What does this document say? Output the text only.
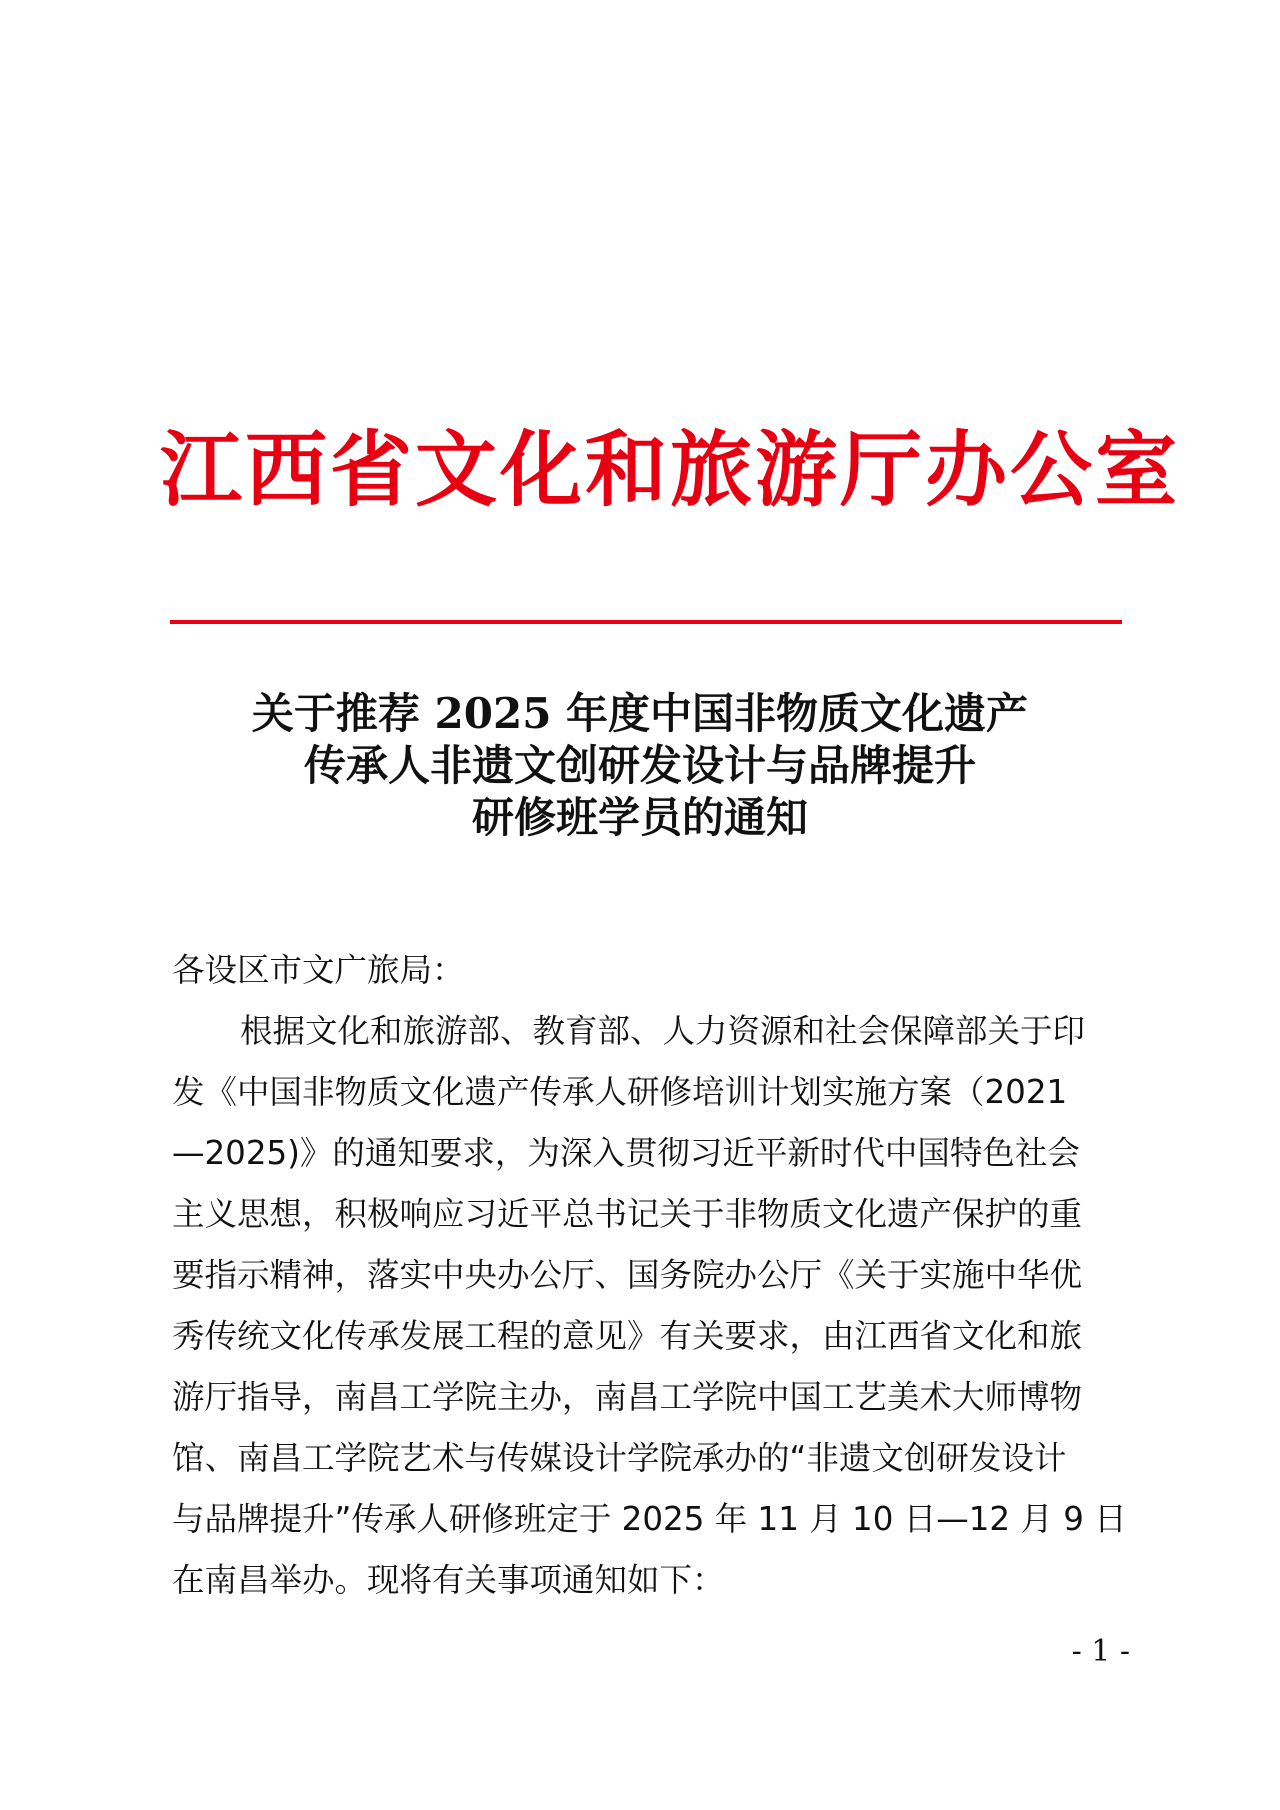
江西省文化和旅游厅办公室
关于推荐 2025 年度中国非物质文化遗产
传承人非遗文创研发设计与品牌提升
研修班学员的通知
各设区市文广旅局：
根据文化和旅游部、教育部、人力资源和社会保障部关于印
发《中国非物质文化遗产传承人研修培训计划实施方案（2021
—2025)》的通知要求，为深入贯彻习近平新时代中国特色社会
主义思想，积极响应习近平总书记关于非物质文化遗产保护的重
要指示精神，落实中央办公厅、国务院办公厅《关于实施中华优
秀传统文化传承发展工程的意见》有关要求，由江西省文化和旅
游厅指导，南昌工学院主办，南昌工学院中国工艺美术大师博物
馆、南昌工学院艺术与传媒设计学院承办的“非遗文创研发设计
与品牌提升”传承人研修班定于 2025 年 11 月 10 日—12 月 9 日
在南昌举办。现将有关事项通知如下：
- 1 -
